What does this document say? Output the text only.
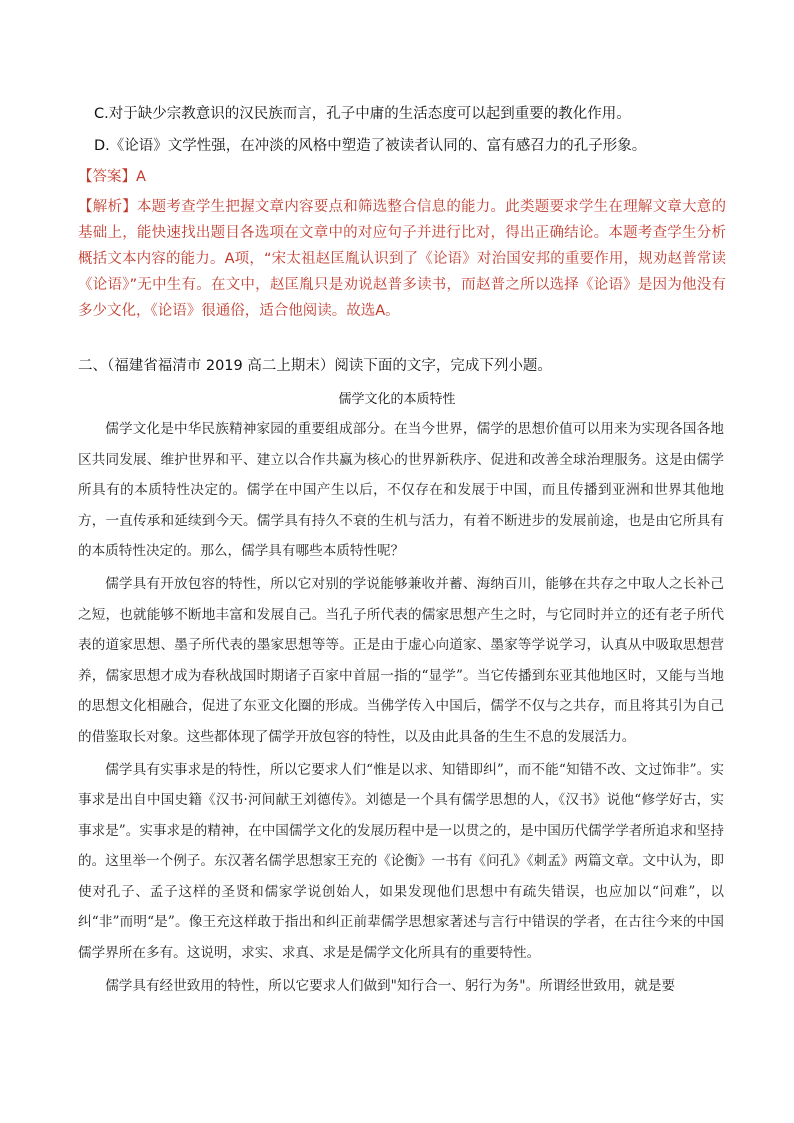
C.对于缺少宗教意识的汉民族而言，孔子中庸的生活态度可以起到重要的教化作用。
D.《论语》文学性强，在冲淡的风格中塑造了被读者认同的、富有感召力的孔子形象。
【答案】A
【解析】本题考查学生把握文章内容要点和筛选整合信息的能力。此类题要求学生在理解文章大意的基础上，能快速找出题目各选项在文章中的对应句子并进行比对，得出正确结论。本题考查学生分析概括文本内容的能力。A项，“宋太祖赵匡胤认识到了《论语》对治国安邦的重要作用，规劝赵普常读《论语》”无中生有。在文中，赵匡胤只是劝说赵普多读书，而赵普之所以选择《论语》是因为他没有多少文化，《论语》很通俗，适合他阅读。故选A。
二、（福建省福清市 2019 高二上期末）阅读下面的文字，完成下列小题。
儒学文化的本质特性

儒学文化是中华民族精神家园的重要组成部分。在当今世界，儒学的思想价值可以用来为实现各国各地区共同发展、维护世界和平、建立以合作共赢为核心的世界新秩序、促进和改善全球治理服务。这是由儒学所具有的本质特性决定的。儒学在中国产生以后，不仅存在和发展于中国，而且传播到亚洲和世界其他地方，一直传承和延续到今天。儒学具有持久不衰的生机与活力，有着不断进步的发展前途，也是由它所具有的本质特性决定的。那么，儒学具有哪些本质特性呢？

儒学具有开放包容的特性，所以它对别的学说能够兼收并蓄、海纳百川，能够在共存之中取人之长补己之短，也就能够不断地丰富和发展自己。当孔子所代表的儒家思想产生之时，与它同时并立的还有老子所代表的道家思想、墨子所代表的墨家思想等等。正是由于虚心向道家、墨家等学说学习，认真从中吸取思想营养，儒家思想才成为春秋战国时期诸子百家中首屈一指的“显学”。当它传播到东亚其他地区时，又能与当地的思想文化相融合，促进了东亚文化圈的形成。当佛学传入中国后，儒学不仅与之共存，而且将其引为自己的借鉴取长对象。这些都体现了儒学开放包容的特性，以及由此具备的生生不息的发展活力。

儒学具有实事求是的特性，所以它要求人们“惟是以求、知错即纠”，而不能“知错不改、文过饰非”。实事求是出自中国史籍《汉书·河间献王刘德传》。刘德是一个具有儒学思想的人，《汉书》说他“修学好古，实事求是”。实事求是的精神，在中国儒学文化的发展历程中是一以贯之的，是中国历代儒学学者所追求和坚持的。这里举一个例子。东汉著名儒学思想家王充的《论衡》一书有《问孔》《刺孟》两篇文章。文中认为，即使对孔子、孟子这样的圣贤和儒家学说创始人，如果发现他们思想中有疏失错误，也应加以“问难”，以纠“非”而明“是”。像王充这样敢于指出和纠正前辈儒学思想家著述与言行中错误的学者，在古往今来的中国儒学界所在多有。这说明，求实、求真、求是是儒学文化所具有的重要特性。

儒学具有经世致用的特性，所以它要求人们做到"知行合一、躬行为务"。所谓经世致用，就是要
